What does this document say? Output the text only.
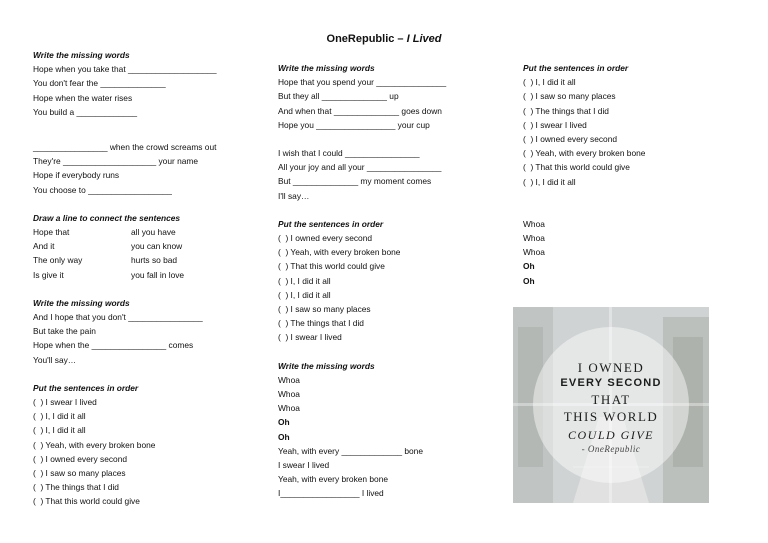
OneRepublic – I Lived
Write the missing words
Hope when you take that ___________________
You don't fear the ______________
Hope when the water rises
You build a _____________
________________ when the crowd screams out
They're ____________________ your name
Hope if everybody runs
You choose to __________________
Draw a line to connect the sentences
Hope that	all you have
And it	you can know
The only way	hurts so bad
Is give it	you fall in love
Write the missing words
And I hope that you don't ________________
But take the pain
Hope when the ________________ comes
You'll say…
Put the sentences in order
(  ) I swear I lived
(  ) I, I did it all
(  ) I, I did it all
(  ) Yeah, with every broken bone
(  ) I owned every second
(  ) I saw so many places
(  ) The things that I did
(  ) That this world could give
Write the missing words
Hope that you spend your _______________
But they all ______________ up
And when that ______________ goes down
Hope you _________________ your cup
I wish that I could ________________
All your joy and all your ________________
But ______________ my moment comes
I'll say…
Put the sentences in order
(  ) I owned every second
(  ) Yeah, with every broken bone
(  ) That this world could give
(  ) I, I did it all
(  ) I, I did it all
(  ) I saw so many places
(  ) The things that I did
(  ) I swear I lived
Write the missing words
Whoa
Whoa
Whoa
Oh
Oh
Yeah, with every _____________ bone
I swear I lived
Yeah, with every broken bone
I_________________ I lived
Put the sentences in order
(  ) I, I did it all
(  ) I saw so many places
(  ) The things that I did
(  ) I swear I lived
(  ) I owned every second
(  ) Yeah, with every broken bone
(  ) That this world could give
(  ) I, I did it all
Whoa
Whoa
Whoa
Oh
Oh
I OWNED
EVERY SECOND
THAT
THIS WORLD
COULD GIVE
- OneRepublic
